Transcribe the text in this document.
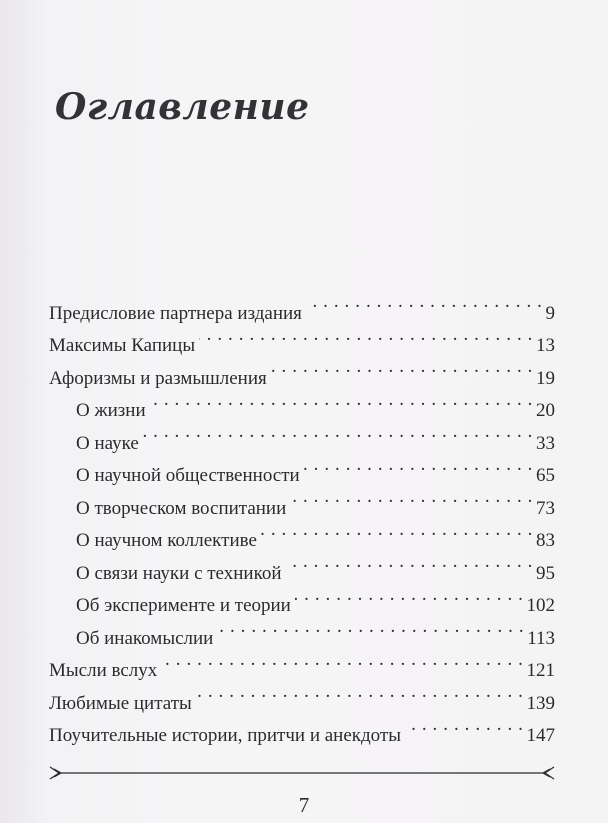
Оглавление
Предисловие партнера издания . . .	9
Максимы Капицы . . .	13
Афоризмы и размышления . . .	19
О жизни . . .	20
О науке . . .	33
О научной общественности . . .	65
О творческом воспитании . . .	73
О научном коллективе . . .	83
О связи науки с техникой . . .	95
Об эксперименте и теории . . .	102
Об инакомыслии . . .	113
Мысли вслух . . .	121
Любимые цитаты . . .	139
Поучительные истории, притчи и анекдоты . . .	147
7
